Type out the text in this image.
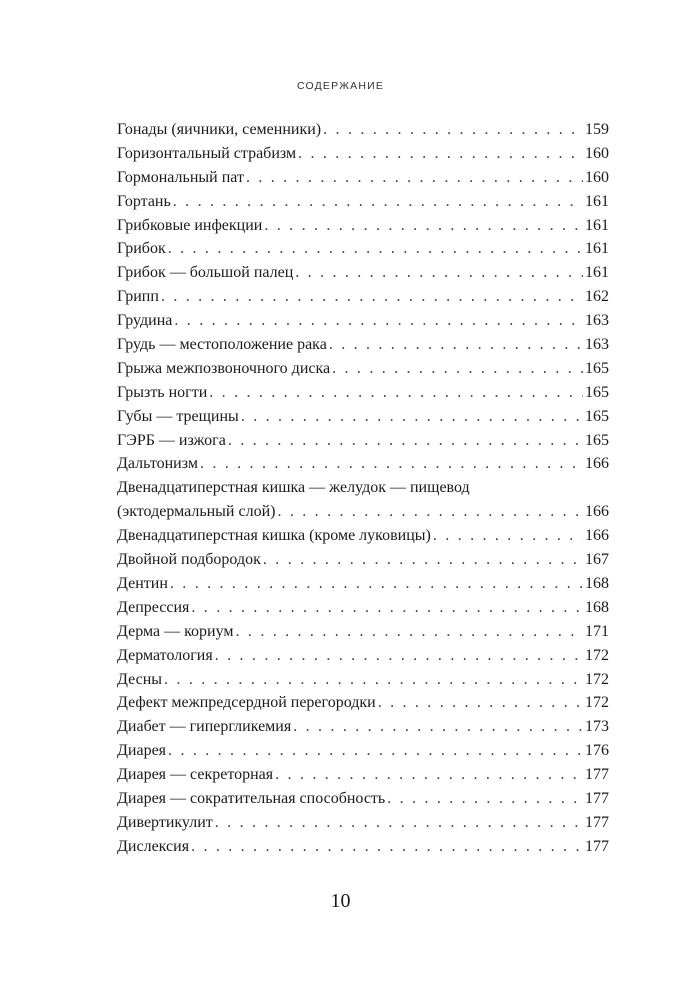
СОДЕРЖАНИЕ
Гонады (яичники, семенники) . . .	159
Горизонтальный страбизм . . .	160
Гормональный пат . . .	160
Гортань . . .	161
Грибковые инфекции . . .	161
Грибок . . .	161
Грибок — большой палец . . .	161
Грипп . . .	162
Грудина . . .	163
Грудь — местоположение рака . . .	163
Грыжа межпозвоночного диска . . .	165
Грызть ногти . . .	165
Губы — трещины . . .	165
ГЭРБ — изжога . . .	165
Дальтонизм . . .	166
Двенадцатиперстная кишка — желудок — пищевод
(эктодермальный слой) . . .	166
Двенадцатиперстная кишка (кроме луковицы) . . .	166
Двойной подбородок . . .	167
Дентин . . .	168
Депрессия . . .	168
Дерма — кориум . . .	171
Дерматология . . .	172
Десны . . .	172
Дефект межпредсердной перегородки . . .	172
Диабет — гипергликемия . . .	173
Диарея . . .	176
Диарея — секреторная . . .	177
Диарея — сократительная способность . . .	177
Дивертикулит . . .	177
Дислексия . . .	177
10
